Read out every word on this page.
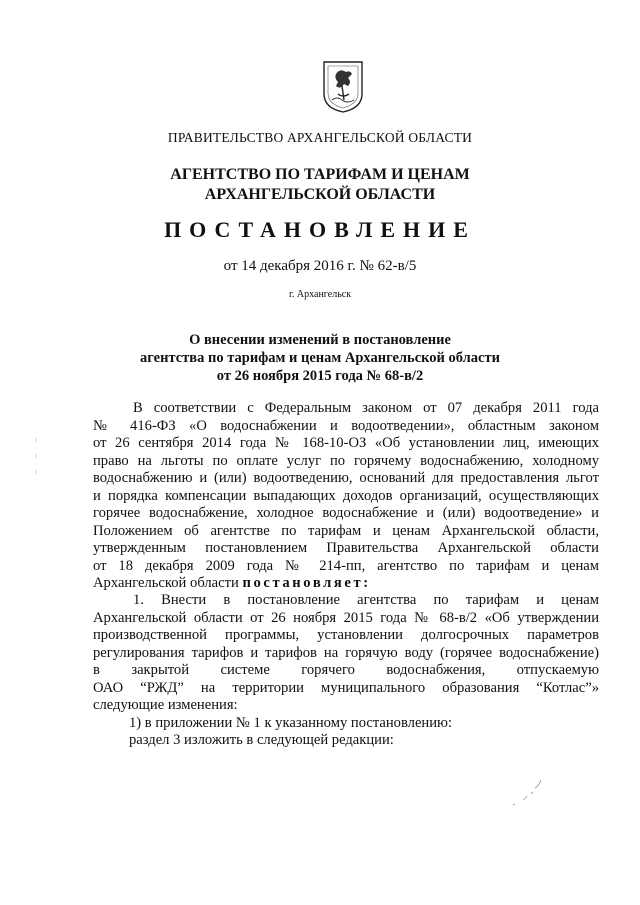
ПРАВИТЕЛЬСТВО АРХАНГЕЛЬСКОЙ ОБЛАСТИ
АГЕНТСТВО ПО ТАРИФАМ И ЦЕНАМ
АРХАНГЕЛЬСКОЙ ОБЛАСТИ
ПОСТАНОВЛЕНИЕ
от 14 декабря 2016 г. № 62-в/5
г. Архангельск
О внесении изменений в постановление
агентства по тарифам и ценам Архангельской области
от 26 ноября 2015 года № 68-в/2
В соответствии с Федеральным законом от 07 декабря 2011 года
№ 416-ФЗ «О водоснабжении и водоотведении», областным законом
от 26 сентября 2014 года № 168-10-ОЗ «Об установлении лиц, имеющих
право на льготы по оплате услуг по горячему водоснабжению, холодному
водоснабжению и (или) водоотведению, оснований для предоставления льгот
и порядка компенсации выпадающих доходов организаций, осуществляющих
горячее водоснабжение, холодное водоснабжение и (или) водоотведение» и
Положением об агентстве по тарифам и ценам Архангельской области,
утвержденным постановлением Правительства Архангельской области
от 18 декабря 2009 года № 214-пп, агентство по тарифам и ценам
Архангельской области постановляет:
1. Внести в постановление агентства по тарифам и ценам
Архангельской области от 26 ноября 2015 года № 68-в/2 «Об утверждении
производственной программы, установлении долгосрочных параметров
регулирования тарифов и тарифов на горячую воду (горячее водоснабжение)
в закрытой системе горячего водоснабжения, отпускаемую
ОАО “РЖД” на территории муниципального образования “Котлас”»
следующие изменения:
1) в приложении № 1 к указанному постановлению:
раздел 3 изложить в следующей редакции:
